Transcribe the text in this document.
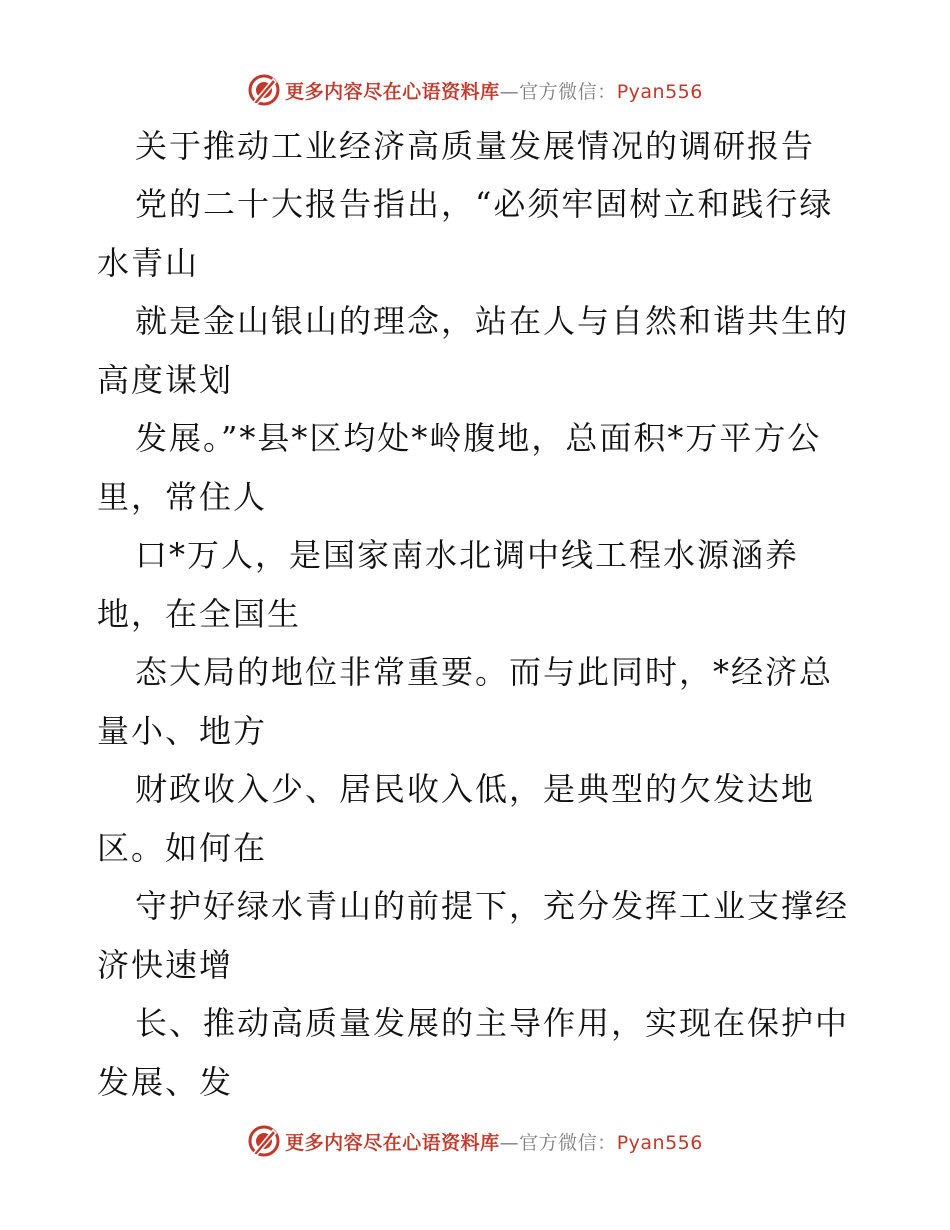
更多内容尽在心语资料库—官方微信：Pyan556
关于推动工业经济高质量发展情况的调研报告
党的二十大报告指出，“必须牢固树立和践行绿
水青山
就是金山银山的理念，站在人与自然和谐共生的
高度谋划
发展。”*县*区均处*岭腹地，总面积*万平方公
里，常住人
口*万人，是国家南水北调中线工程水源涵养
地，在全国生
态大局的地位非常重要。而与此同时，*经济总
量小、地方
财政收入少、居民收入低，是典型的欠发达地
区。如何在
守护好绿水青山的前提下，充分发挥工业支撑经
济快速增
长、推动高质量发展的主导作用，实现在保护中
发展、发
更多内容尽在心语资料库—官方微信：Pyan556
